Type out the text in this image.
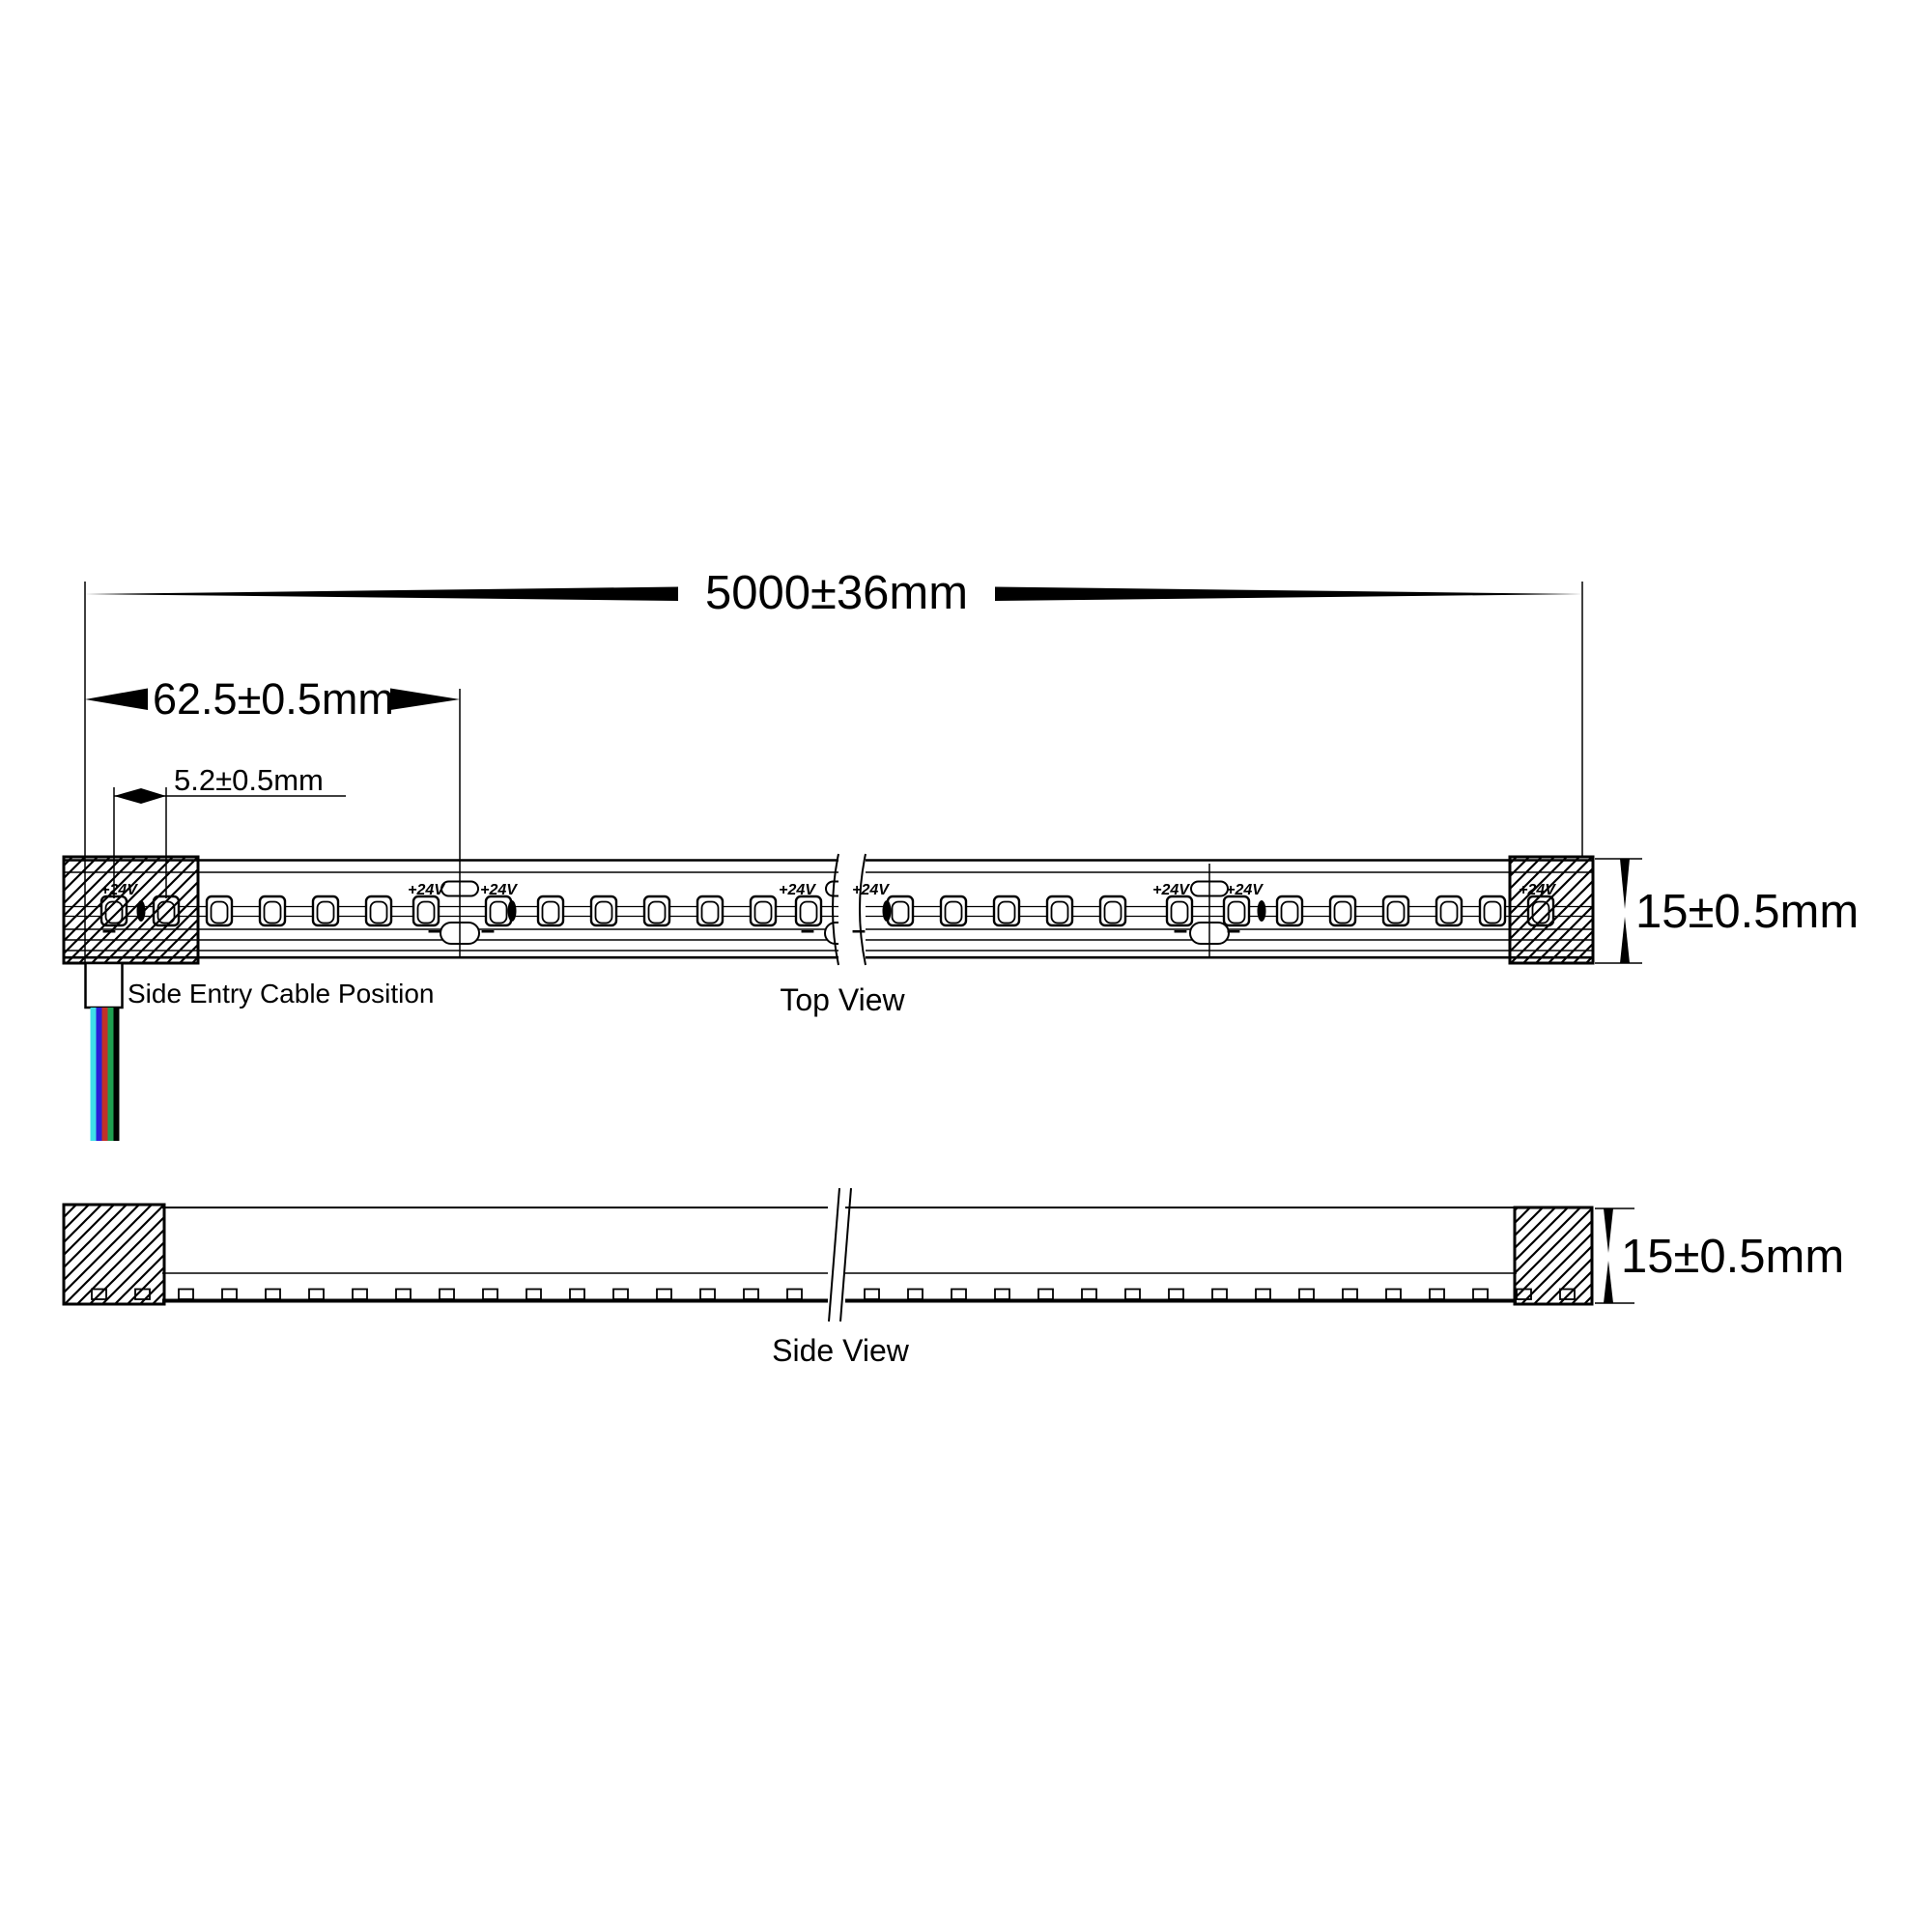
+24V	+24V +24V	+24V +24V	+24V +24V	+24V
–	– –	– –	– –
5000±36mm
62.5±0.5mm
5.2±0.5mm
15±0.5mm
15±0.5mm
Side Entry Cable Position	Top View
Side View
